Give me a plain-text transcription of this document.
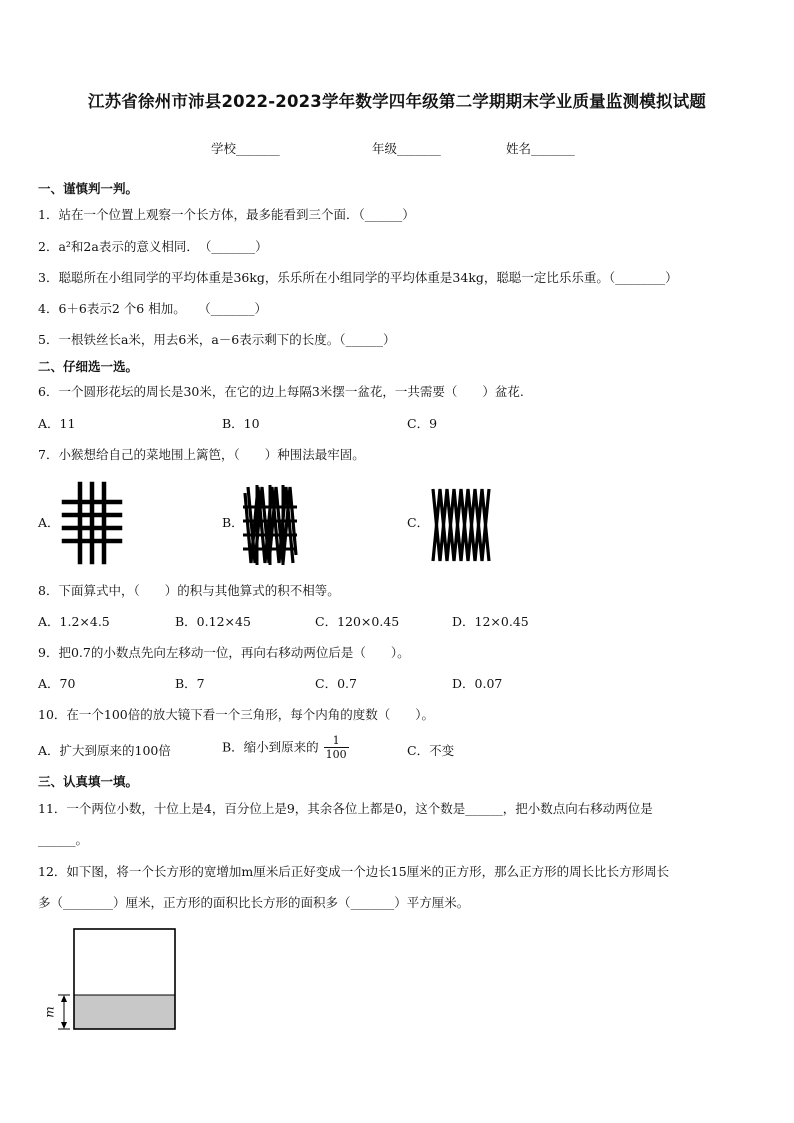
江苏省徐州市沛县2022-2023学年数学四年级第二学期期末学业质量监测模拟试题
学校_______	年级_______	姓名_______
一、谨慎判一判。
1．站在一个位置上观察一个长方体，最多能看到三个面．（______）
2．a²和2a表示的意义相同．　（_______）
3．聪聪所在小组同学的平均体重是36kg，乐乐所在小组同学的平均体重是34kg，聪聪一定比乐乐重。（________）
4．6＋6表示2 个6 相加。　　（_______）
5．一根铁丝长a米，用去6米，a－6表示剩下的长度。（______）
二、仔细选一选。
6．一个圆形花坛的周长是30米，在它的边上每隔3米摆一盆花，一共需要（　　）盆花.
A．11	B．10	C．9
7．小猴想给自己的菜地围上篱笆，（　　）种围法最牢固。
A．	B．	C．
8．下面算式中，（　　）的积与其他算式的积不相等。
A．1.2×4.5	B．0.12×45	C．120×0.45	D．12×0.45
9．把0.7的小数点先向左移动一位，再向右移动两位后是（　　）。
A．70	B．7	C．0.7	D．0.07
10．在一个100倍的放大镜下看一个三角形，每个内角的度数（　　）。
A．扩大到原来的100倍	B．缩小到原来的 $\frac{1}{100}$	C．不变
三、认真填一填。
11．一个两位小数，十位上是4，百分位上是9，其余各位上都是0，这个数是______，把小数点向右移动两位是
______。
12．如下图，将一个长方形的宽增加m厘米后正好变成一个边长15厘米的正方形，那么正方形的周长比长方形周长
多（________）厘米，正方形的面积比长方形的面积多（_______）平方厘米。
m
